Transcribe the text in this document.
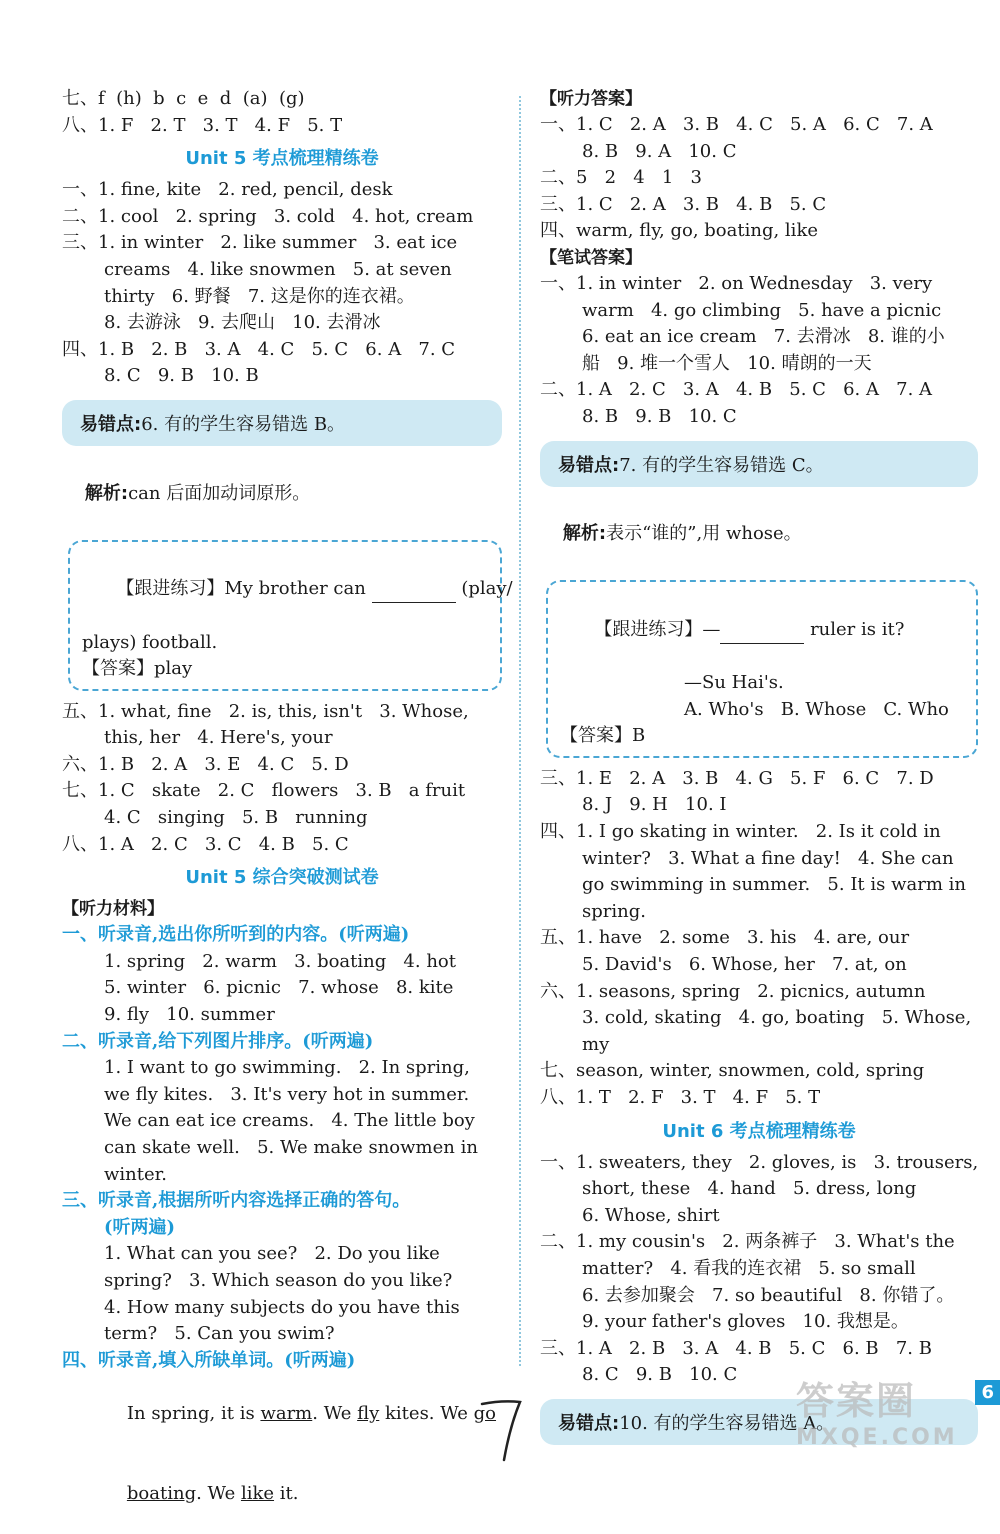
七、f  (h)  b  c  e  d  (a)  (g)
八、1. F   2. T   3. T   4. F   5. T
Unit 5 考点梳理精练卷
一、1. fine, kite   2. red, pencil, desk
二、1. cool   2. spring   3. cold   4. hot, cream
三、1. in winter   2. like summer   3. eat ice
creams   4. like snowmen   5. at seven
thirty   6. 野餐   7. 这是你的连衣裙。
8. 去游泳   9. 去爬山   10. 去滑冰
四、1. B   2. B   3. A   4. C   5. C   6. A   7. C
8. C   9. B   10. B
易错点: 6. 有的学生容易错选 B。

解析:can 后面加动词原形。

【跟进练习】My brother can	(play/

plays) football.
【答案】play
五、1. what, fine   2. is, this, isn't   3. Whose,
this, her   4. Here's, your
六、1. B   2. A   3. E   4. C   5. D
七、1. C   skate   2. C   flowers   3. B   a fruit
4. C   singing   5. B   running
八、1. A   2. C   3. C   4. B   5. C
Unit 5 综合突破测试卷
【听力材料】
一、听录音,选出你所听到的内容。(听两遍)
1. spring   2. warm   3. boating   4. hot
5. winter   6. picnic   7. whose   8. kite
9. fly   10. summer
二、听录音,给下列图片排序。(听两遍)
1. I want to go swimming.   2. In spring,
we fly kites.   3. It's very hot in summer.
We can eat ice creams.   4. The little boy
can skate well.   5. We make snowmen in
winter.
三、听录音,根据所听内容选择正确的答句。
(听两遍)
1. What can you see?   2. Do you like
spring?   3. Which season do you like?
4. How many subjects do you have this
term?   5. Can you swim?
四、听录音,填入所缺单词。(听两遍)

In spring, it is warm. We fly kites. We go

boating. We like it.

【听力答案】
一、1. C   2. A   3. B   4. C   5. A   6. C   7. A
8. B   9. A   10. C
二、5   2   4   1   3
三、1. C   2. A   3. B   4. B   5. C
四、warm, fly, go, boating, like
【笔试答案】
一、1. in winter   2. on Wednesday   3. very
warm   4. go climbing   5. have a picnic
6. eat an ice cream   7. 去滑冰   8. 谁的小
船   9. 堆一个雪人   10. 晴朗的一天
二、1. A   2. C   3. A   4. B   5. C   6. A   7. A
8. B   9. B   10. C
易错点: 7. 有的学生容易错选 C。

解析:表示“谁的”,用 whose。

【跟进练习】—	ruler is it?

—Su Hai's.
A. Who's   B. Whose   C. Who
【答案】B
三、1. E   2. A   3. B   4. G   5. F   6. C   7. D
8. J   9. H   10. I
四、1. I go skating in winter.   2. Is it cold in
winter?   3. What a fine day!   4. She can
go swimming in summer.   5. It is warm in
spring.
五、1. have   2. some   3. his   4. are, our
5. David's   6. Whose, her   7. at, on
六、1. seasons, spring   2. picnics, autumn
3. cold, skating   4. go, boating   5. Whose,
my
七、season, winter, snowmen, cold, spring
八、1. T   2. F   3. T   4. F   5. T
Unit 6 考点梳理精练卷
一、1. sweaters, they   2. gloves, is   3. trousers,
short, these   4. hand   5. dress, long
6. Whose, shirt
二、1. my cousin's   2. 两条裤子   3. What's the
matter?   4. 看我的连衣裙   5. so small
6. 去参加聚会   7. so beautiful   8. 你错了。
9. your father's gloves   10. 我想是。
三、1. A   2. B   3. A   4. B   5. C   6. B   7. B
8. C   9. B   10. C
易错点: 10. 有的学生容易错选 A。
答案圈
MXQE.COM
6
